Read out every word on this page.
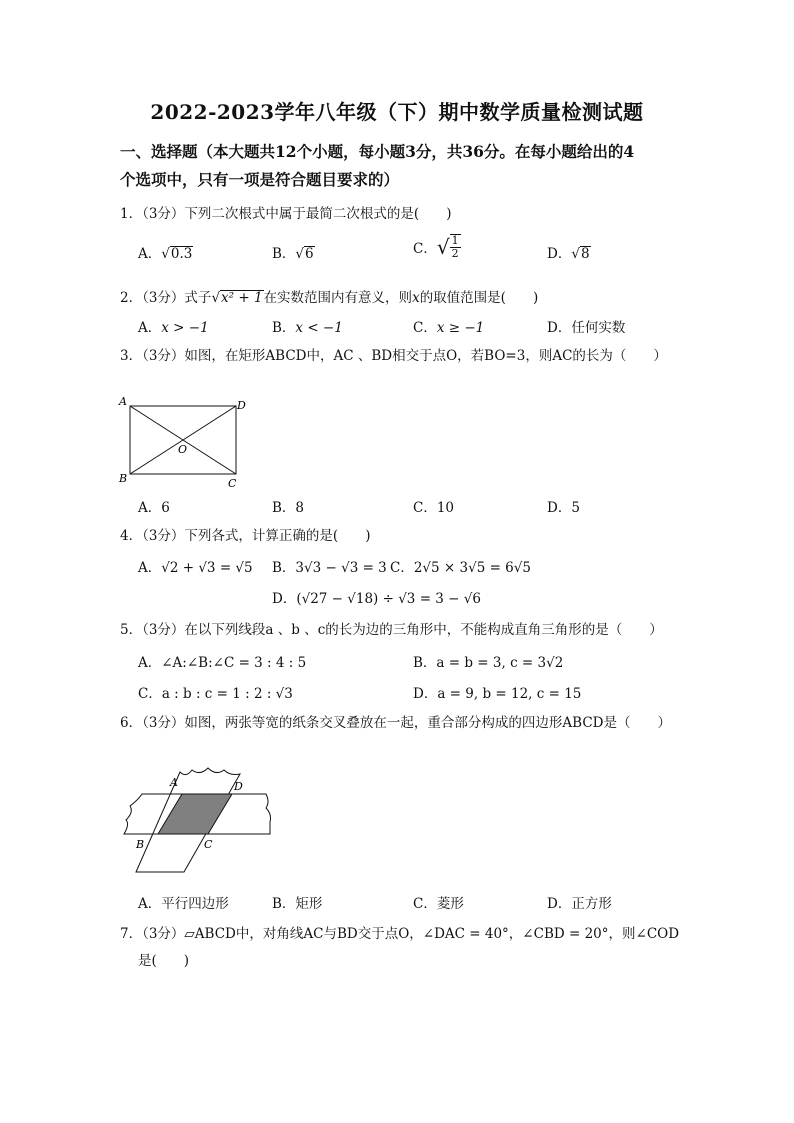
2022-2023学年八年级（下）期中数学质量检测试题
一、选择题（本大题共12个小题，每小题3分，共36分。在每小题给出的4
个选项中，只有一项是符合题目要求的）
1．（3分）下列二次根式中属于最简二次根式的是(　　)
A．√0.3	B．√6	C．√ $\frac{1}{2}$	D．√8
2．（3分）式子√x² + 1在实数范围内有意义，则x的取值范围是(　　)
A．x > −1	B．x < −1	C．x ≥ −1	D．任何实数
3．（3分）如图，在矩形ABCD中，AC 、BD相交于点O，若BO=3，则AC的长为（　　）
A	D
B	C
O
A．6	B．8	C．10	D．5
4．（3分）下列各式，计算正确的是(　　)
A．√2 + √3 = √5 B．3√3 − √3 = 3 C．2√5 × 3√5 = 6√5
D．(√27 − √18) ÷ √3 = 3 − √6
5．（3分）在以下列线段a 、b 、c的长为边的三角形中，不能构成直角三角形的是（　　）
A．∠A:∠B:∠C = 3 : 4 : 5	B．a = b = 3, c = 3√2
C．a : b : c = 1 : 2 : √3	D．a = 9, b = 12, c = 15
6．（3分）如图，两张等宽的纸条交叉叠放在一起，重合部分构成的四边形ABCD是（　　）
A	D
B	C
A．平行四边形	B．矩形	C．菱形	D．正方形
7．（3分）▱ABCD中，对角线AC与BD交于点O，∠DAC = 40°，∠CBD = 20°，则∠COD
是(　　)
